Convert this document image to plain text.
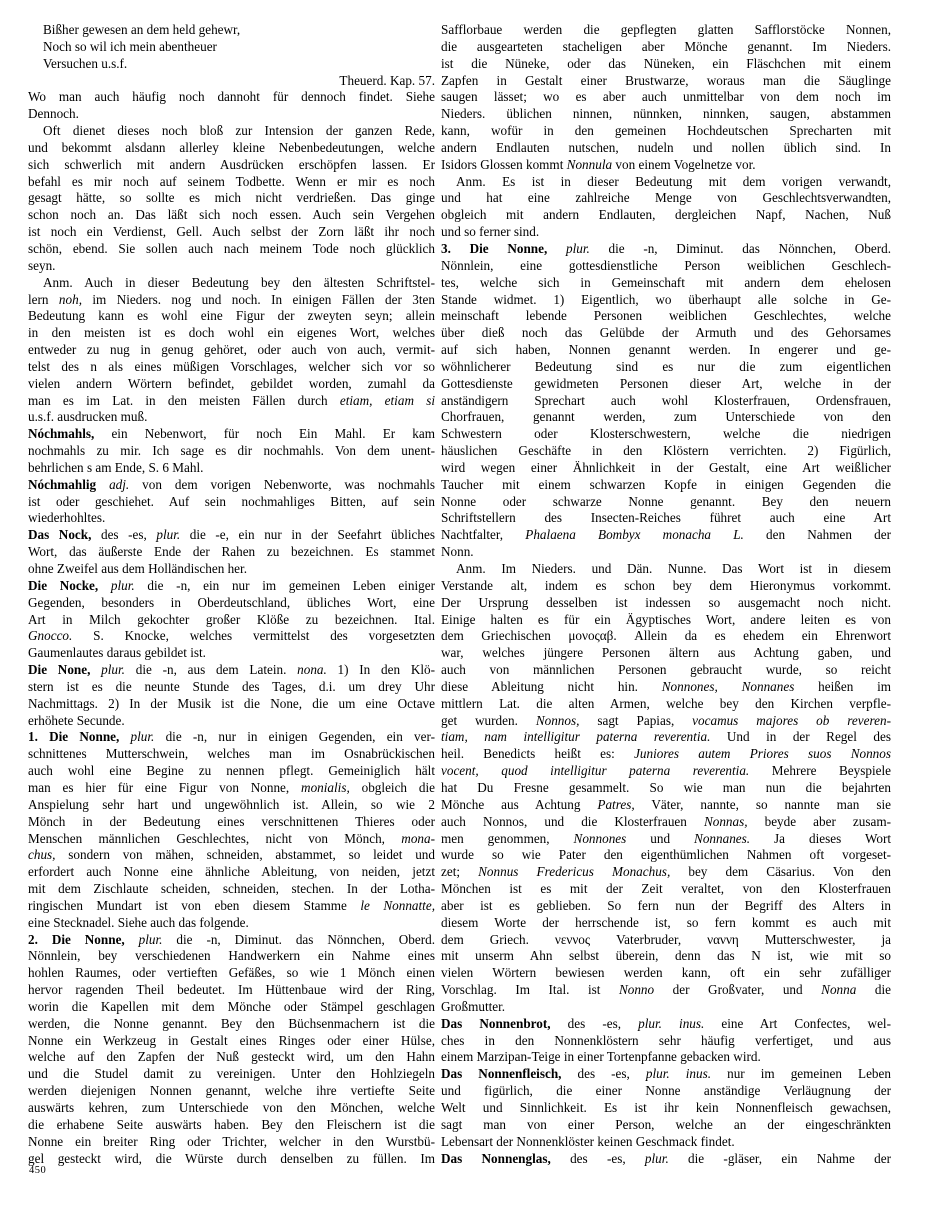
Bißher gewesen an dem held gehewr,
Noch so wil ich mein abentheuer
Versuchen u.s.f.
Theuerd. Kap. 57.
Wo man auch häufig noch dannoht für dennoch findet. Siehe
Dennoch.
Oft dienet dieses noch bloß zur Intension der ganzen Rede,
und bekommt alsdann allerley kleine Nebenbedeutungen, welche
sich schwerlich mit andern Ausdrücken erschöpfen lassen. Er
befahl es mir noch auf seinem Todbette. Wenn er mir es noch
gesagt hätte, so sollte es mich nicht verdrießen. Das ginge
schon noch an. Das läßt sich noch essen. Auch sein Vergehen
ist noch ein Verdienst, Gell. Auch selbst der Zorn läßt ihr noch
schön, ebend. Sie sollen auch nach meinem Tode noch glücklich
seyn.
Anm. Auch in dieser Bedeutung bey den ältesten Schriftstel-
lern noh, im Nieders. nog und noch. In einigen Fällen der 3ten
Bedeutung kann es wohl eine Figur der zweyten seyn; allein
in den meisten ist es doch wohl ein eigenes Wort, welches
entweder zu nug in genug gehöret, oder auch von auch, vermit-
telst des n als eines müßigen Vorschlages, welcher sich vor so
vielen andern Wörtern befindet, gebildet worden, zumahl da
man es im Lat. in den meisten Fällen durch etiam, etiam si
u.s.f. ausdrucken muß.
Nóchmahls, ein Nebenwort, für noch Ein Mahl. Er kam
nochmahls zu mir. Ich sage es dir nochmahls. Von dem unent-
behrlichen s am Ende, S. 6 Mahl.
Nóchmahlig adj. von dem vorigen Nebenworte, was nochmahls
ist oder geschiehet. Auf sein nochmahliges Bitten, auf sein
wiederhohltes.
Das Nock, des -es, plur. die -e, ein nur in der Seefahrt übliches
Wort, das äußerste Ende der Rahen zu bezeichnen. Es stammet
ohne Zweifel aus dem Holländischen her.
Die Nocke, plur. die -n, ein nur im gemeinen Leben einiger
Gegenden, besonders in Oberdeutschland, übliches Wort, eine
Art in Milch gekochter großer Klöße zu bezeichnen. Ital.
Gnocco. S. Knocke, welches vermittelst des vorgesetzten
Gaumenlautes daraus gebildet ist.
Die None, plur. die -n, aus dem Latein. nona. 1) In den Klö-
stern ist es die neunte Stunde des Tages, d.i. um drey Uhr
Nachmittags. 2) In der Musik ist die None, die um eine Octave
erhöhete Secunde.
1. Die Nonne, plur. die -n, nur in einigen Gegenden, ein ver-
schnittenes Mutterschwein, welches man im Osnabrückischen
auch wohl eine Begine zu nennen pflegt. Gemeiniglich hält
man es hier für eine Figur von Nonne, monialis, obgleich die
Anspielung sehr hart und ungewöhnlich ist. Allein, so wie 2
Mönch in der Bedeutung eines verschnittenen Thieres oder
Menschen männlichen Geschlechtes, nicht von Mönch, mona-
chus, sondern von mähen, schneiden, abstammet, so leidet und
erfordert auch Nonne eine ähnliche Ableitung, von neiden, jetzt
mit dem Zischlaute scheiden, schneiden, stechen. In der Lotha-
ringischen Mundart ist von eben diesem Stamme le Nonnatte,
eine Stecknadel. Siehe auch das folgende.
2. Die Nonne, plur. die -n, Diminut. das Nönnchen, Oberd.
Nönnlein, bey verschiedenen Handwerkern ein Nahme eines
hohlen Raumes, oder vertieften Gefäßes, so wie 1 Mönch einen
hervor ragenden Theil bedeutet. Im Hüttenbaue wird der Ring,
worin die Kapellen mit dem Mönche oder Stämpel geschlagen
werden, die Nonne genannt. Bey den Büchsenmachern ist die
Nonne ein Werkzeug in Gestalt eines Ringes oder einer Hülse,
welche auf den Zapfen der Nuß gesteckt wird, um den Hahn
und die Studel damit zu vereinigen. Unter den Hohlziegeln
werden diejenigen Nonnen genannt, welche ihre vertiefte Seite
auswärts kehren, zum Unterschiede von den Mönchen, welche
die erhabene Seite auswärts haben. Bey den Fleischern ist die
Nonne ein breiter Ring oder Trichter, welcher in den Wurstbü-
gel gesteckt wird, die Würste durch denselben zu füllen. Im
Safflorbaue werden die gepflegten glatten Safflorstöcke Nonnen,
die ausgearteten stacheligen aber Mönche genannt. Im Nieders.
ist die Nüneke, oder das Nüneken, ein Fläschchen mit einem
Zapfen in Gestalt einer Brustwarze, woraus man die Säuglinge
saugen lässet; wo es aber auch unmittelbar von dem noch im
Nieders. üblichen ninnen, nünnken, ninnken, saugen, abstammen
kann, wofür in den gemeinen Hochdeutschen Sprecharten mit
andern Endlauten nutschen, nudeln und nollen üblich sind. In
Isidors Glossen kommt Nonnula von einem Vogelnetze vor.
Anm. Es ist in dieser Bedeutung mit dem vorigen verwandt,
und hat eine zahlreiche Menge von Geschlechtsverwandten,
obgleich mit andern Endlauten, dergleichen Napf, Nachen, Nuß
und so ferner sind.
3. Die Nonne, plur. die -n, Diminut. das Nönnchen, Oberd.
Nönnlein, eine gottesdienstliche Person weiblichen Geschlech-
tes, welche sich in Gemeinschaft mit andern dem ehelosen
Stande widmet. 1) Eigentlich, wo überhaupt alle solche in Ge-
meinschaft lebende Personen weiblichen Geschlechtes, welche
über dieß noch das Gelübde der Armuth und des Gehorsames
auf sich haben, Nonnen genannt werden. In engerer und ge-
wöhnlicherer Bedeutung sind es nur die zum eigentlichen
Gottesdienste gewidmeten Personen dieser Art, welche in der
anständigern Sprechart auch wohl Klosterfrauen, Ordensfrauen,
Chorfrauen, genannt werden, zum Unterschiede von den
Schwestern oder Klosterschwestern, welche die niedrigen
häuslichen Geschäfte in den Klöstern verrichten. 2) Figürlich,
wird wegen einer Ähnlichkeit in der Gestalt, eine Art weißlicher
Taucher mit einem schwarzen Kopfe in einigen Gegenden die
Nonne oder schwarze Nonne genannt. Bey den neuern
Schriftstellern des Insecten-Reiches führet auch eine Art
Nachtfalter, Phalaena Bombyx monacha L. den Nahmen der
Nonn.
Anm. Im Nieders. und Dän. Nunne. Das Wort ist in diesem
Verstande alt, indem es schon bey dem Hieronymus vorkommt.
Der Ursprung desselben ist indessen so ausgemacht noch nicht.
Einige halten es für ein Ägyptisches Wort, andere leiten es von
dem Griechischen μονοςαβ. Allein da es ehedem ein Ehrenwort
war, welches jüngere Personen ältern aus Achtung gaben, und
auch von männlichen Personen gebraucht wurde, so reicht
diese Ableitung nicht hin. Nonnones, Nonnanes heißen im
mittlern Lat. die alten Armen, welche bey den Kirchen verpfle-
get wurden. Nonnos, sagt Papias, vocamus majores ob reveren-
tiam, nam intelligitur paterna reverentia. Und in der Regel des
heil. Benedicts heißt es: Juniores autem Priores suos Nonnos
vocent, quod intelligitur paterna reverentia. Mehrere Beyspiele
hat Du Fresne gesammelt. So wie man nun die bejahrten
Mönche aus Achtung Patres, Väter, nannte, so nannte man sie
auch Nonnos, und die Klosterfrauen Nonnas, beyde aber zusam-
men genommen, Nonnones und Nonnanes. Ja dieses Wort
wurde so wie Pater den eigenthümlichen Nahmen oft vorgeset-
zet; Nonnus Fredericus Monachus, bey dem Cäsarius. Von den
Mönchen ist es mit der Zeit veraltet, von den Klosterfrauen
aber ist es geblieben. So fern nun der Begriff des Alters in
diesem Worte der herrschende ist, so fern kommt es auch mit
dem Griech. νεννος Vaterbruder, ναννη Mutterschwester, ja
mit unserm Ahn selbst überein, denn das N ist, wie mit so
vielen Wörtern bewiesen werden kann, oft ein sehr zufälliger
Vorschlag. Im Ital. ist Nonno der Großvater, und Nonna die
Großmutter.
Das Nonnenbrot, des -es, plur. inus. eine Art Confectes, wel-
ches in den Nonnenklöstern sehr häufig verfertiget, und aus
einem Marzipan-Teige in einer Tortenpfanne gebacken wird.
Das Nonnenfleisch, des -es, plur. inus. nur im gemeinen Leben
und figürlich, die einer Nonne anständige Verläugnung der
Welt und Sinnlichkeit. Es ist ihr kein Nonnenfleisch gewachsen,
sagt man von einer Person, welche an der eingeschränkten
Lebensart der Nonnenklöster keinen Geschmack findet.
Das Nonnenglas, des -es, plur. die -gläser, ein Nahme der
450
